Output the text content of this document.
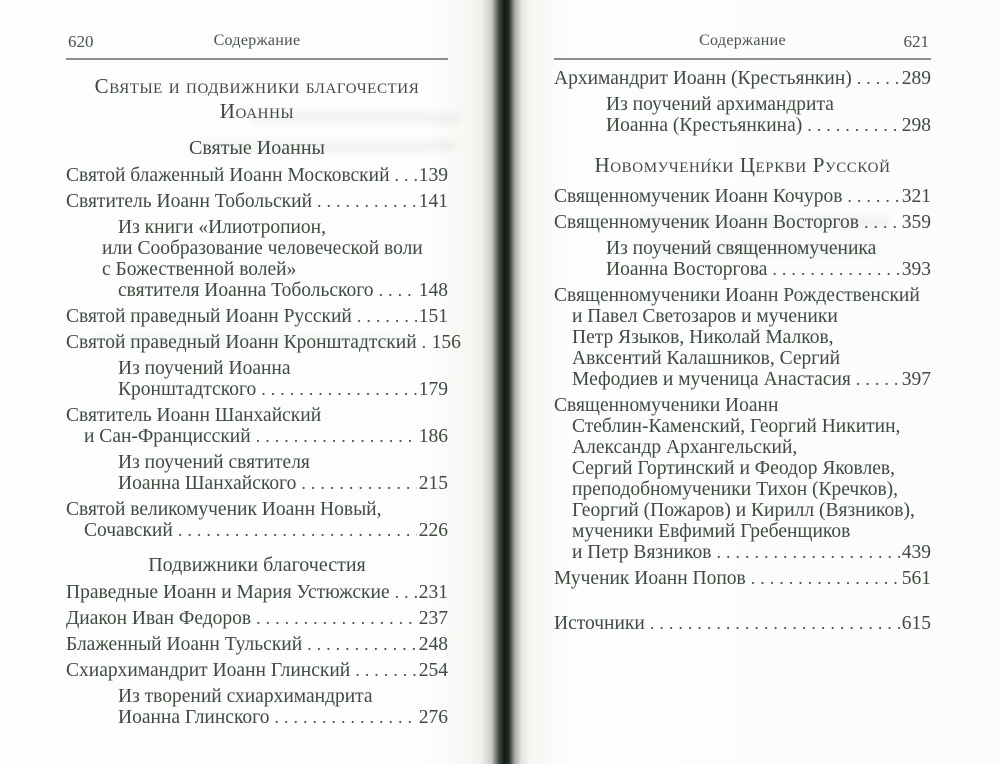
620	Содержание
Святые и подвижники благочестия
Иоанны
Святые Иоанны
Святой блаженный Иоанн Московский ..... 139
Святитель Иоанн Тобольский .....	141
Из книги «Илиотропион,
или Сообразование человеческой воли
с Божественной волей»
святителя Иоанна Тобольского ..... 148
Святой праведный Иоанн Русский .....	151
Святой праведный Иоанн Кронштадтский ..... 156
Из поучений Иоанна
Кронштадтского .....	179
Святитель Иоанн Шанхайский
и Сан-Францисский .....	186
Из поучений святителя
Иоанна Шанхайского .....	215
Святой великомученик Иоанн Новый,
Сочавский .....	226
Подвижники благочестия
Праведные Иоанн и Мария Устюжские ..... 231
Диакон Иван Федоров .....	237
Блаженный Иоанн Тульский .....	248
Схиархимандрит Иоанн Глинский .....	254
Из творений схиархимандрита
Иоанна Глинского .....	276
Содержание	621
Архимандрит Иоанн (Крестьянкин) .....	289
Из поучений архимандрита
Иоанна (Крестьянкина) .....	298
Новомучени́ки Церкви Русской
Священномученик Иоанн Кочуров .....	321
Священномученик Иоанн Восторгов ..... 359
Из поучений священномученика
Иоанна Восторгова .....	393
Священномученики Иоанн Рождественский
и Павел Светозаров и мученики
Петр Языков, Николай Малков,
Авксентий Калашников, Сергий
Мефодиев и мученица Анастасия .....	397
Священномученики Иоанн
Стеблин-Каменский, Георгий Никитин,
Александр Архангельский,
Сергий Гортинский и Феодор Яковлев,
преподобномученики Тихон (Кречков),
Георгий (Пожаров) и Кирилл (Вязников),
мученики Евфимий Гребенщиков
и Петр Вязников .....	439
Мученик Иоанн Попов .....	561
Источники .....	615
